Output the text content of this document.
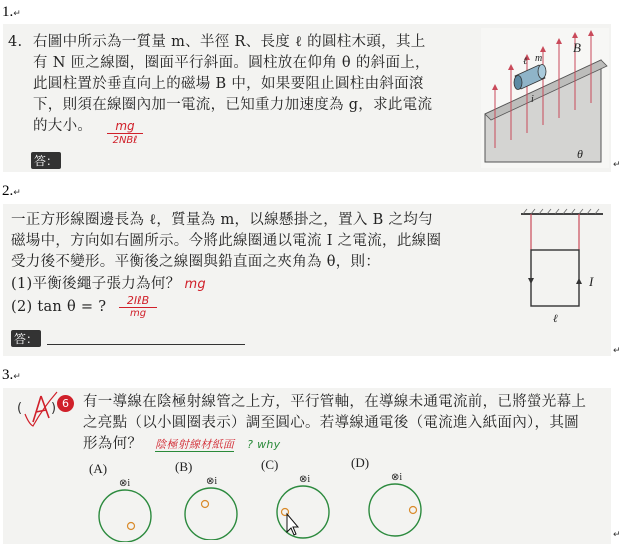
1.↵
4. 右圖中所示為一質量 m、半徑 R、長度 ℓ 的圓柱木頭，其上
有 N 匝之線圈，圈面平行斜面。圓柱放在仰角 θ 的斜面上，
此圓柱置於垂直向上的磁場 B 中，如果要阻止圓柱由斜面滾
下，則須在線圈內加一電流，已知重力加速度為 g，求此電流
的大小。	mg
2NBℓ
答：
B
m
ℓ
i
θ
↵
2.↵
一正方形線圈邊長為 ℓ，質量為 m，以線懸掛之，置入 B 之均勻
磁場中，方向如右圖所示。今將此線圈通以電流 I 之電流，此線圈
受力後不變形。平衡後之線圈與鉛直面之夾角為 θ，則：
(1)平衡後繩子張力為何？ mg
(2) tan θ = ?	2IℓB
mg
答：
I
ℓ
↵
3.↵
( )
A	6 有一導線在陰極射線管之上方，平行管軸，在導線未通電流前，已將螢光幕上
之亮點（以小圓圈表示）調至圓心。若導線通電後（電流進入紙面內），其圖
形為何？ 陰極射線材紙面 ? why
(A)	(B)	(C)	(D)
⊗i	⊗i	⊗i	⊗i
↵
